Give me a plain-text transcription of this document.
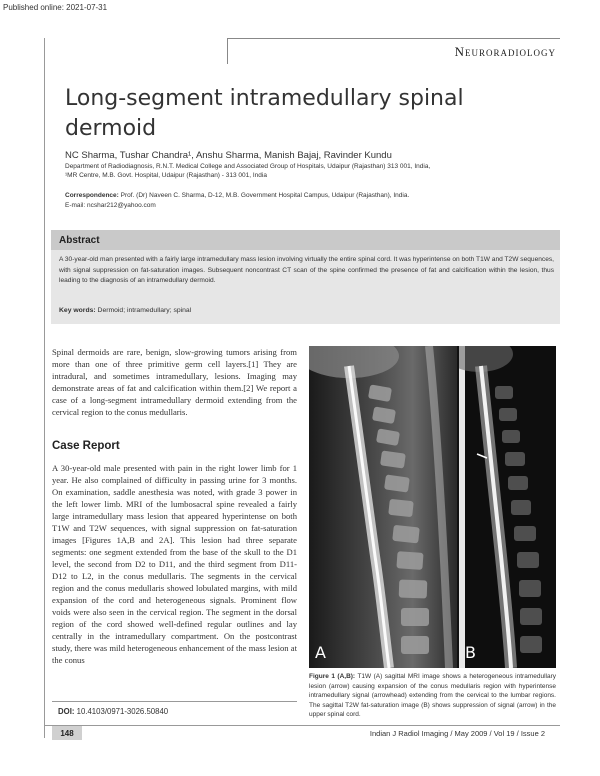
Published online: 2021-07-31
Neuroradiology
Long-segment intramedullary spinal dermoid
NC Sharma, Tushar Chandra¹, Anshu Sharma, Manish Bajaj, Ravinder Kundu
Department of Radiodiagnosis, R.N.T. Medical College and Associated Group of Hospitals, Udaipur (Rajasthan) 313 001, India,
¹MR Centre, M.B. Govt. Hospital, Udaipur (Rajasthan) - 313 001, India
Correspondence: Prof. (Dr) Naveen C. Sharma, D-12, M.B. Government Hospital Campus, Udaipur (Rajasthan), India.
E-mail: ncshar212@yahoo.com
Abstract
A 30-year-old man presented with a fairly large intramedullary mass lesion involving virtually the entire spinal cord. It was hyperintense on both T1W and T2W sequences, with signal suppression on fat-saturation images. Subsequent noncontrast CT scan of the spine confirmed the presence of fat and calcification within the lesion, thus leading to the diagnosis of an intramedullary dermoid.
Key words: Dermoid; intramedullary; spinal

Spinal dermoids are rare, benign, slow-growing tumors arising from more than one of three primitive germ cell layers.[1] They are intradural, and sometimes intramedullary, lesions. Imaging may demonstrate areas of fat and calcification within them.[2] We report a case of a long-segment intramedullary dermoid extending from the cervical region to the conus medullaris.

Case Report

A 30-year-old male presented with pain in the right lower limb for 1 year. He also complained of difficulty in passing urine for 3 months. On examination, saddle anesthesia was noted, with grade 3 power in the left lower limb. MRI of the lumbosacral spine revealed a fairly large intramedullary mass lesion that appeared hyperintense on both T1W and T2W sequences, with signal suppression on fat-saturation images [Figures 1A,B and 2A]. This lesion had three separate segments: one segment extended from the base of the skull to the D1 level, the second from D2 to D11, and the third segment from D11-D12 to L2, in the conus medullaris. The segments in the cervical region and the conus medullaris showed lobulated margins, with mild expansion of the cord and heterogeneous signals. Prominent flow voids were also seen in the cervical region. The segment in the dorsal region of the cord showed well-defined regular outlines and lay centrally in the intramedullary compartment. On the postcontrast study, there was mild heterogeneous enhancement of the mass lesion at the conus

DOI: 10.4103/0971-3026.50840
A	B
Figure 1 (A,B): T1W (A) sagittal MRI image shows a heterogeneous intramedullary lesion (arrow) causing expansion of the conus medullaris region with hyperintense intramedullary signal (arrowhead) extending from the cervical to the lumbar regions. The sagittal T2W fat-saturation image (B) shows suppression of signal (arrow) in the upper spinal cord.
148	Indian J Radiol Imaging / May 2009 / Vol 19 / Issue 2
